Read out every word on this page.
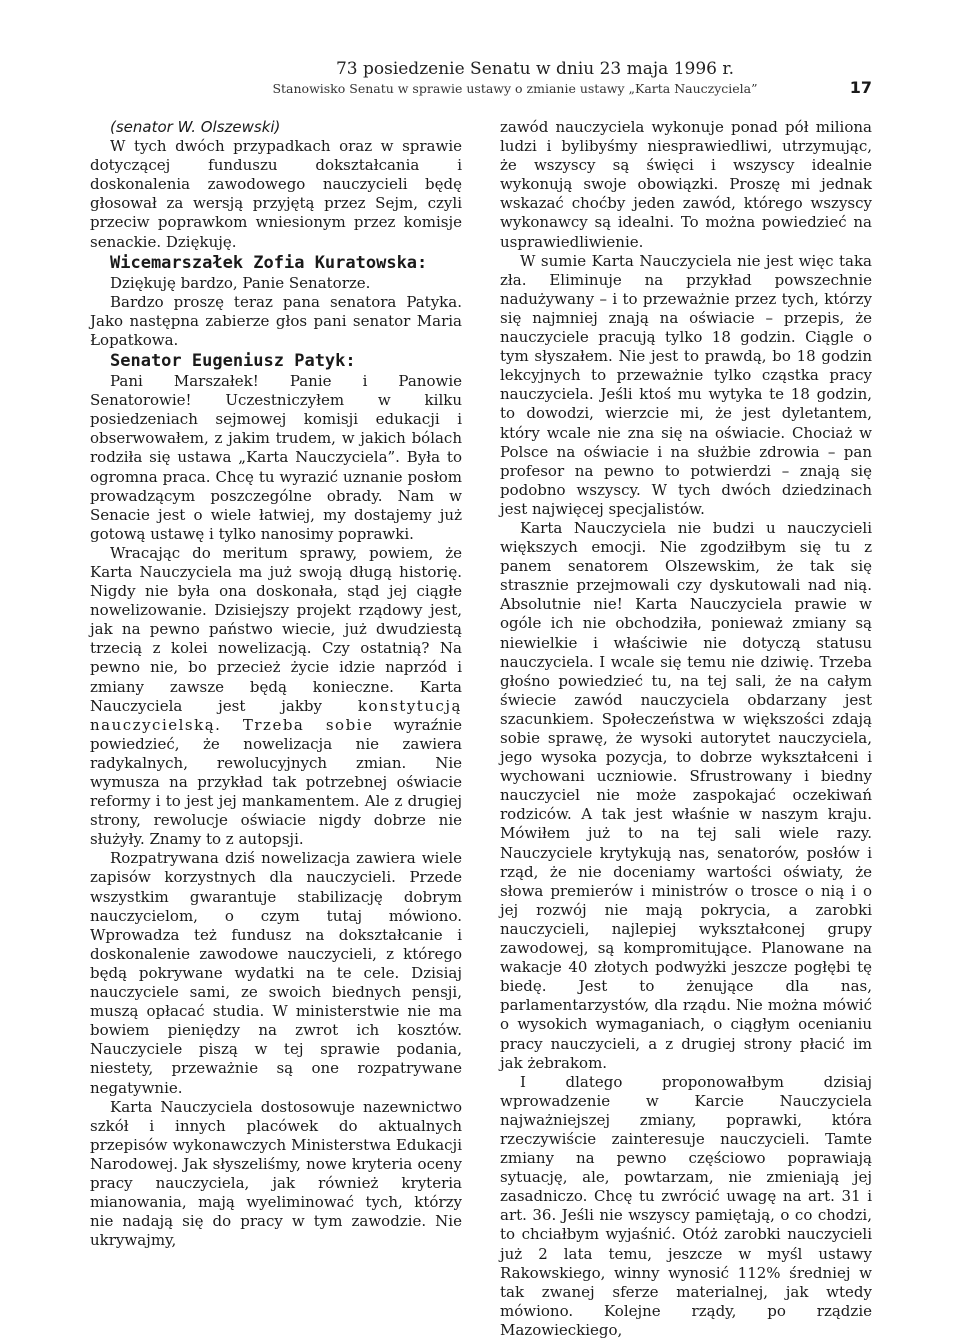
73 posiedzenie Senatu w dniu 23 maja 1996 r.
Stanowisko Senatu w sprawie ustawy o zmianie ustawy „Karta Nauczyciela”	17

(senator W. Olszewski)

W tych dwóch przypadkach oraz w sprawie dotyczącej funduszu dokształcania i doskonalenia zawodowego nauczycieli będę głosował za wersją przyjętą przez Sejm, czyli przeciw poprawkom wniesionym przez komisje senackie. Dziękuję.

Wicemarszałek Zofia Kuratowska:

Dziękuję bardzo, Panie Senatorze.

Bardzo proszę teraz pana senatora Patyka. Jako następna zabierze głos pani senator Maria Łopatkowa.

Senator Eugeniusz Patyk:

Pani Marszałek! Panie i Panowie Senatorowie! Uczestniczyłem w kilku posiedzeniach sejmowej komisji edukacji i obserwowałem, z jakim trudem, w jakich bólach rodziła się ustawa „Karta Nauczyciela”. Była to ogromna praca. Chcę tu wyrazić uznanie posłom prowadzącym poszczególne obrady. Nam w Senacie jest o wiele łatwiej, my dostajemy już gotową ustawę i tylko nanosimy poprawki.

Wracając do meritum sprawy, powiem, że Karta Nauczyciela ma już swoją długą historię. Nigdy nie była ona doskonała, stąd jej ciągłe nowelizowanie. Dzisiejszy projekt rządowy jest, jak na pewno państwo wiecie, już dwudziestą trzecią z kolei nowelizacją. Czy ostatnią? Na pewno nie, bo przecież życie idzie naprzód i zmiany zawsze będą konieczne. Karta Nauczyciela jest jakby konstytucją nauczycielską. Trzeba sobie wyraźnie powiedzieć, że nowelizacja nie zawiera radykalnych, rewolucyjnych zmian. Nie wymusza na przykład tak potrzebnej oświacie reformy i to jest jej mankamentem. Ale z drugiej strony, rewolucje oświacie nigdy dobrze nie służyły. Znamy to z autopsji.

Rozpatrywana dziś nowelizacja zawiera wiele zapisów korzystnych dla nauczycieli. Przede wszystkim gwarantuje stabilizację dobrym nauczycielom, o czym tutaj mówiono. Wprowadza też fundusz na dokształcanie i doskonalenie zawodowe nauczycieli, z którego będą pokrywane wydatki na te cele. Dzisiaj nauczyciele sami, ze swoich biednych pensji, muszą opłacać studia. W ministerstwie nie ma bowiem pieniędzy na zwrot ich kosztów. Nauczyciele piszą w tej sprawie podania, niestety, przeważnie są one rozpatrywane negatywnie.

Karta Nauczyciela dostosowuje nazewnictwo szkół i innych placówek do aktualnych przepisów wykonawczych Ministerstwa Edukacji Narodowej. Jak słyszeliśmy, nowe kryteria oceny pracy nauczyciela, jak również kryteria mianowania, mają wyeliminować tych, którzy nie nadają się do pracy w tym zawodzie. Nie ukrywajmy,

zawód nauczyciela wykonuje ponad pół miliona ludzi i bylibyśmy niesprawiedliwi, utrzymując, że wszyscy są święci i wszyscy idealnie wykonują swoje obowiązki. Proszę mi jednak wskazać choćby jeden zawód, którego wszyscy wykonawcy są idealni. To można powiedzieć na usprawiedliwienie.

W sumie Karta Nauczyciela nie jest więc taka zła. Eliminuje na przykład powszechnie nadużywany – i to przeważnie przez tych, którzy się najmniej znają na oświacie – przepis, że nauczyciele pracują tylko 18 godzin. Ciągle o tym słyszałem. Nie jest to prawdą, bo 18 godzin lekcyjnych to przeważnie tylko cząstka pracy nauczyciela. Jeśli ktoś mu wytyka te 18 godzin, to dowodzi, wierzcie mi, że jest dyletantem, który wcale nie zna się na oświacie. Chociaż w Polsce na oświacie i na służbie zdrowia – pan profesor na pewno to potwierdzi – znają się podobno wszyscy. W tych dwóch dziedzinach jest najwięcej specjalistów.

Karta Nauczyciela nie budzi u nauczycieli większych emocji. Nie zgodziłbym się tu z panem senatorem Olszewskim, że tak się strasznie przejmowali czy dyskutowali nad nią. Absolutnie nie! Karta Nauczyciela prawie w ogóle ich nie obchodziła, ponieważ zmiany są niewielkie i właściwie nie dotyczą statusu nauczyciela. I wcale się temu nie dziwię. Trzeba głośno powiedzieć tu, na tej sali, że na całym świecie zawód nauczyciela obdarzany jest szacunkiem. Społeczeństwa w większości zdają sobie sprawę, że wysoki autorytet nauczyciela, jego wysoka pozycja, to dobrze wykształceni i wychowani uczniowie. Sfrustrowany i biedny nauczyciel nie może zaspokajać oczekiwań rodziców. A tak jest właśnie w naszym kraju. Mówiłem już to na tej sali wiele razy. Nauczyciele krytykują nas, senatorów, posłów i rząd, że nie doceniamy wartości oświaty, że słowa premierów i ministrów o trosce o nią i o jej rozwój nie mają pokrycia, a zarobki nauczycieli, najlepiej wykształconej grupy zawodowej, są kompromitujące. Planowane na wakacje 40 złotych podwyżki jeszcze pogłębi tę biedę. Jest to żenujące dla nas, parlamentarzystów, dla rządu. Nie można mówić o wysokich wymaganiach, o ciągłym ocenianiu pracy nauczycieli, a z drugiej strony płacić im jak żebrakom.

I dlatego proponowałbym dzisiaj wprowadzenie w Karcie Nauczyciela najważniejszej zmiany, poprawki, która rzeczywiście zainteresuje nauczycieli. Tamte zmiany na pewno częściowo poprawiają sytuację, ale, powtarzam, nie zmieniają jej zasadniczo. Chcę tu zwrócić uwagę na art. 31 i art. 36. Jeśli nie wszyscy pamiętają, o co chodzi, to chciałbym wyjaśnić. Otóż zarobki nauczycieli już 2 lata temu, jeszcze w myśl ustawy Rakowskiego, winny wynosić 112% średniej w tak zwanej sferze materialnej, jak wtedy mówiono. Kolejne rządy, po rządzie Mazowieckiego,
